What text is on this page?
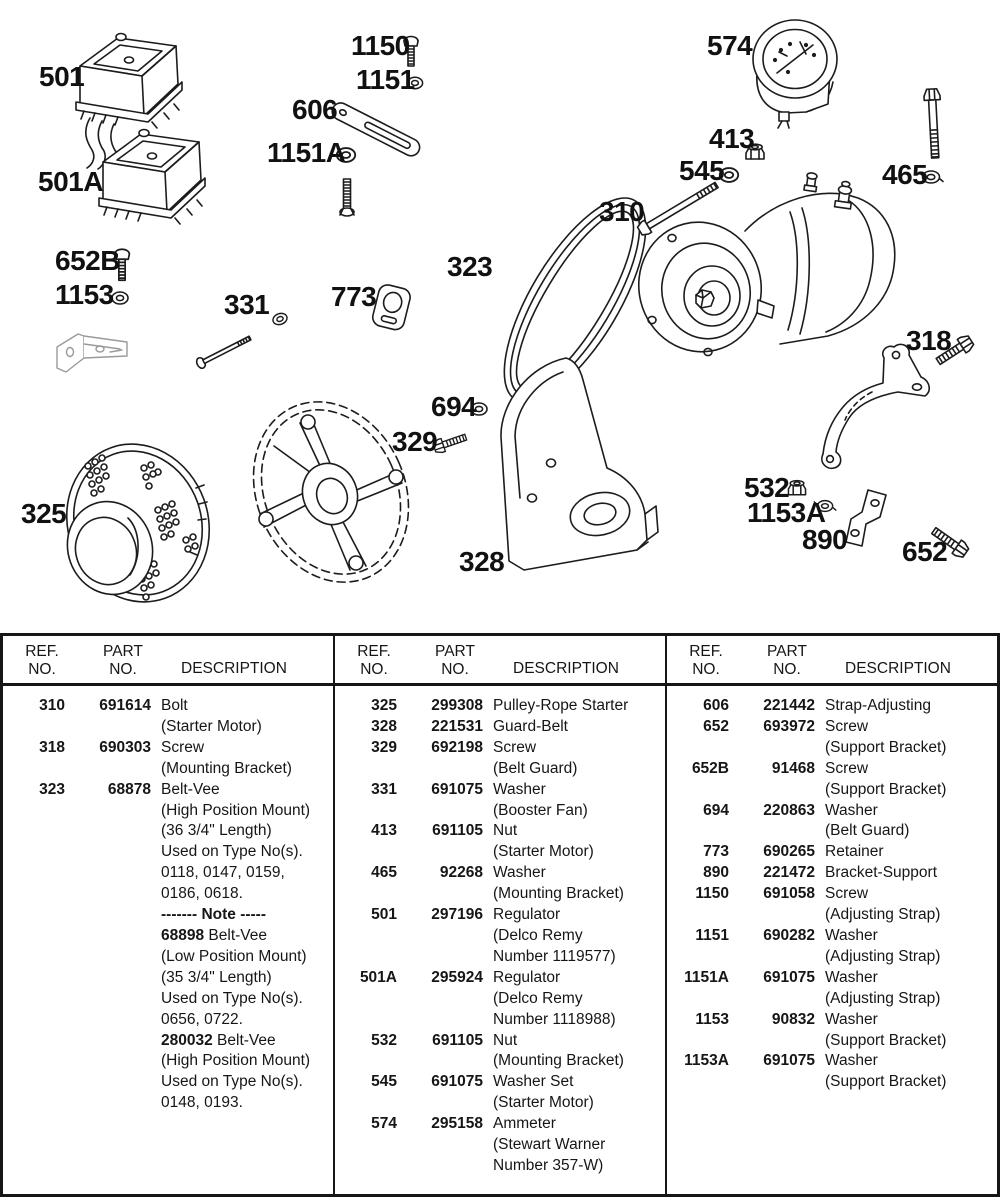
501
501A
1150
1151
606
1151A
652B
1153	331 773
323
574
413
545
310
465
318
694
329
325
328
532
1153A
890 652
REF.
NO.
PART
NO.	DESCRIPTION
310	691614 Bolt
(Starter Motor)
318	690303 Screw
(Mounting Bracket)
323	68878 Belt-Vee
(High Position Mount)
(36 3/4" Length)
Used on Type No(s).
0118, 0147, 0159,
0186, 0618.
------- Note -----
68898 Belt-Vee
(Low Position Mount)
(35 3/4" Length)
Used on Type No(s).
0656, 0722.
280032 Belt-Vee
(High Position Mount)
Used on Type No(s).
0148, 0193.
REF.
NO.
PART
NO.	DESCRIPTION
325	299308 Pulley-Rope Starter
328	221531 Guard-Belt
329	692198 Screw
(Belt Guard)
331	691075 Washer
(Booster Fan)
413	691105 Nut
(Starter Motor)
465	92268 Washer
(Mounting Bracket)
501	297196 Regulator
(Delco Remy
Number 1119577)
501A	295924 Regulator
(Delco Remy
Number 1118988)
532	691105 Nut
(Mounting Bracket)
545	691075 Washer Set
(Starter Motor)
574	295158 Ammeter
(Stewart Warner
Number 357-W)
REF.
NO.
PART
NO.	DESCRIPTION
606	221442 Strap-Adjusting
652	693972 Screw
(Support Bracket)
652B	91468 Screw
(Support Bracket)
694	220863 Washer
(Belt Guard)
773	690265 Retainer
890	221472 Bracket-Support
1150	691058 Screw
(Adjusting Strap)
1151	690282 Washer
(Adjusting Strap)
1151A	691075 Washer
(Adjusting Strap)
1153	90832 Washer
(Support Bracket)
1153A	691075 Washer
(Support Bracket)
